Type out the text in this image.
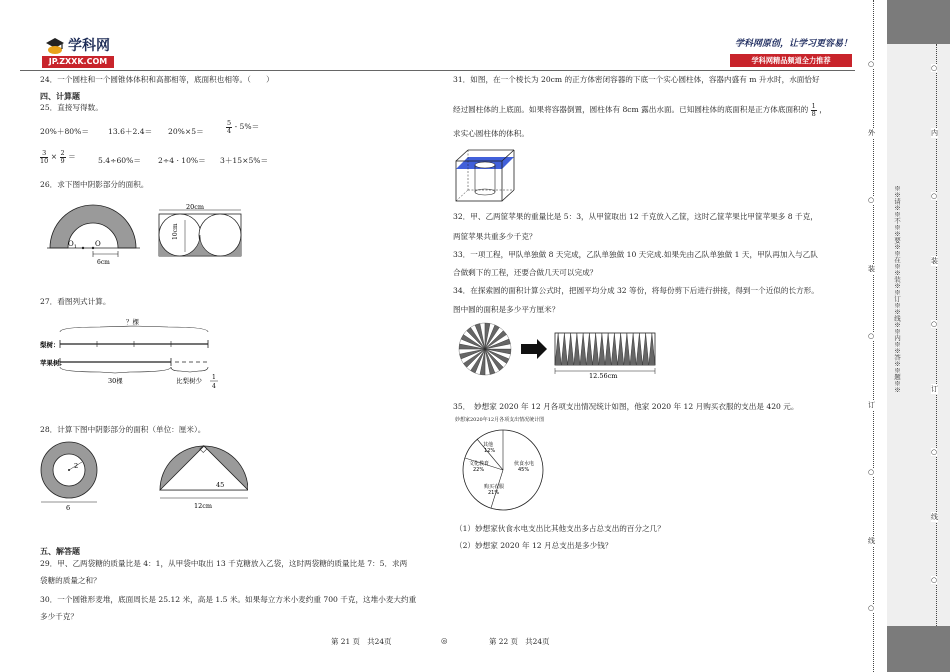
学科网
JP.ZXXK.COM
学科网原创，让学习更容易！
学科网精品频道全力推荐
24．一个圆柱和一个圆锥体体积和高都相等，底面积也相等。（　　）
四、计算题
25．直接写得数。
20%＋80%＝	13.6＋2.4＝ 20%×5＝	$\frac{5}{4} - 5\%=$
$\frac{3}{10} \times \frac{2}{9}$ ＝	5.4÷60%＝ 2÷4 · 10%＝ 3＋15×5%＝
26．求下图中阴影部分的面积。
$O_1$	O
6cm
20cm
10cm
27．看图列式计算。
？棵
梨树：
苹果树：
30棵	比梨树少 1
4
28．计算下图中阴影部分的面积（单位：厘米）。
2
6
45
12cm
五、解答题
29．甲、乙两袋糖的质量比是 4：1，从甲袋中取出 13 千克糖放入乙袋，这时两袋糖的质量比是 7：5．求两
袋糖的质量之和？
30．一个圆锥形麦堆，底面周长是 25.12 米，高是 1.5 米。如果每立方米小麦约重 700 千克，这堆小麦大约重
多少千克？
31．如图，在一个棱长为 20cm 的正方体密闭容器的下底一个实心圆柱体，容器内盛有 m 升水时，水面恰好
经过圆柱体的上底面。如果将容器倒置，圆柱体有 8cm 露出水面。已知圆柱体的底面积是正方体底面积的 $\frac{1}{8}$ ，
求实心圆柱体的体积。
32．甲、乙两筐苹果的重量比是 5：3，从甲筐取出 12 千克放入乙筐，这时乙筐苹果比甲筐苹果多 8 千克，
两筐苹果共重多少千克？
33．一项工程，甲队单独做 8 天完成，乙队单独做 10 天完成.如果先由乙队单独做 1 天，甲队再加入与乙队
合做剩下的工程，还要合做几天可以完成？
34．在探索圆的面积计算公式时，把圆平均分成 32 等份，将每份剪下后进行拼接，得到一个近似的长方形。
图中圆的面积是多少平方厘米？
12.56cm
35．　妙想家 2020 年 12 月各项支出情况统计如图，他家 2020 年 12 月购买衣服的支出是 420 元。
妙想家2020年12月各项支出情况统计图
其他
12%
伙食水电
45%
购买衣服
21%
文化教育
22%
（1）妙想家伙食水电支出比其他支出多占总支出的百分之几？
（2）妙想家 2020 年 12 月总支出是多少钱？
第 21 页　共24页	◎	第 22 页　共24页
○
外
○
装
○
订
○
线
○
○
内
○
装
○
订
○
线
○
※※请※※不※※要※※在※※装※※订※※线※※内※※答※※题※※
